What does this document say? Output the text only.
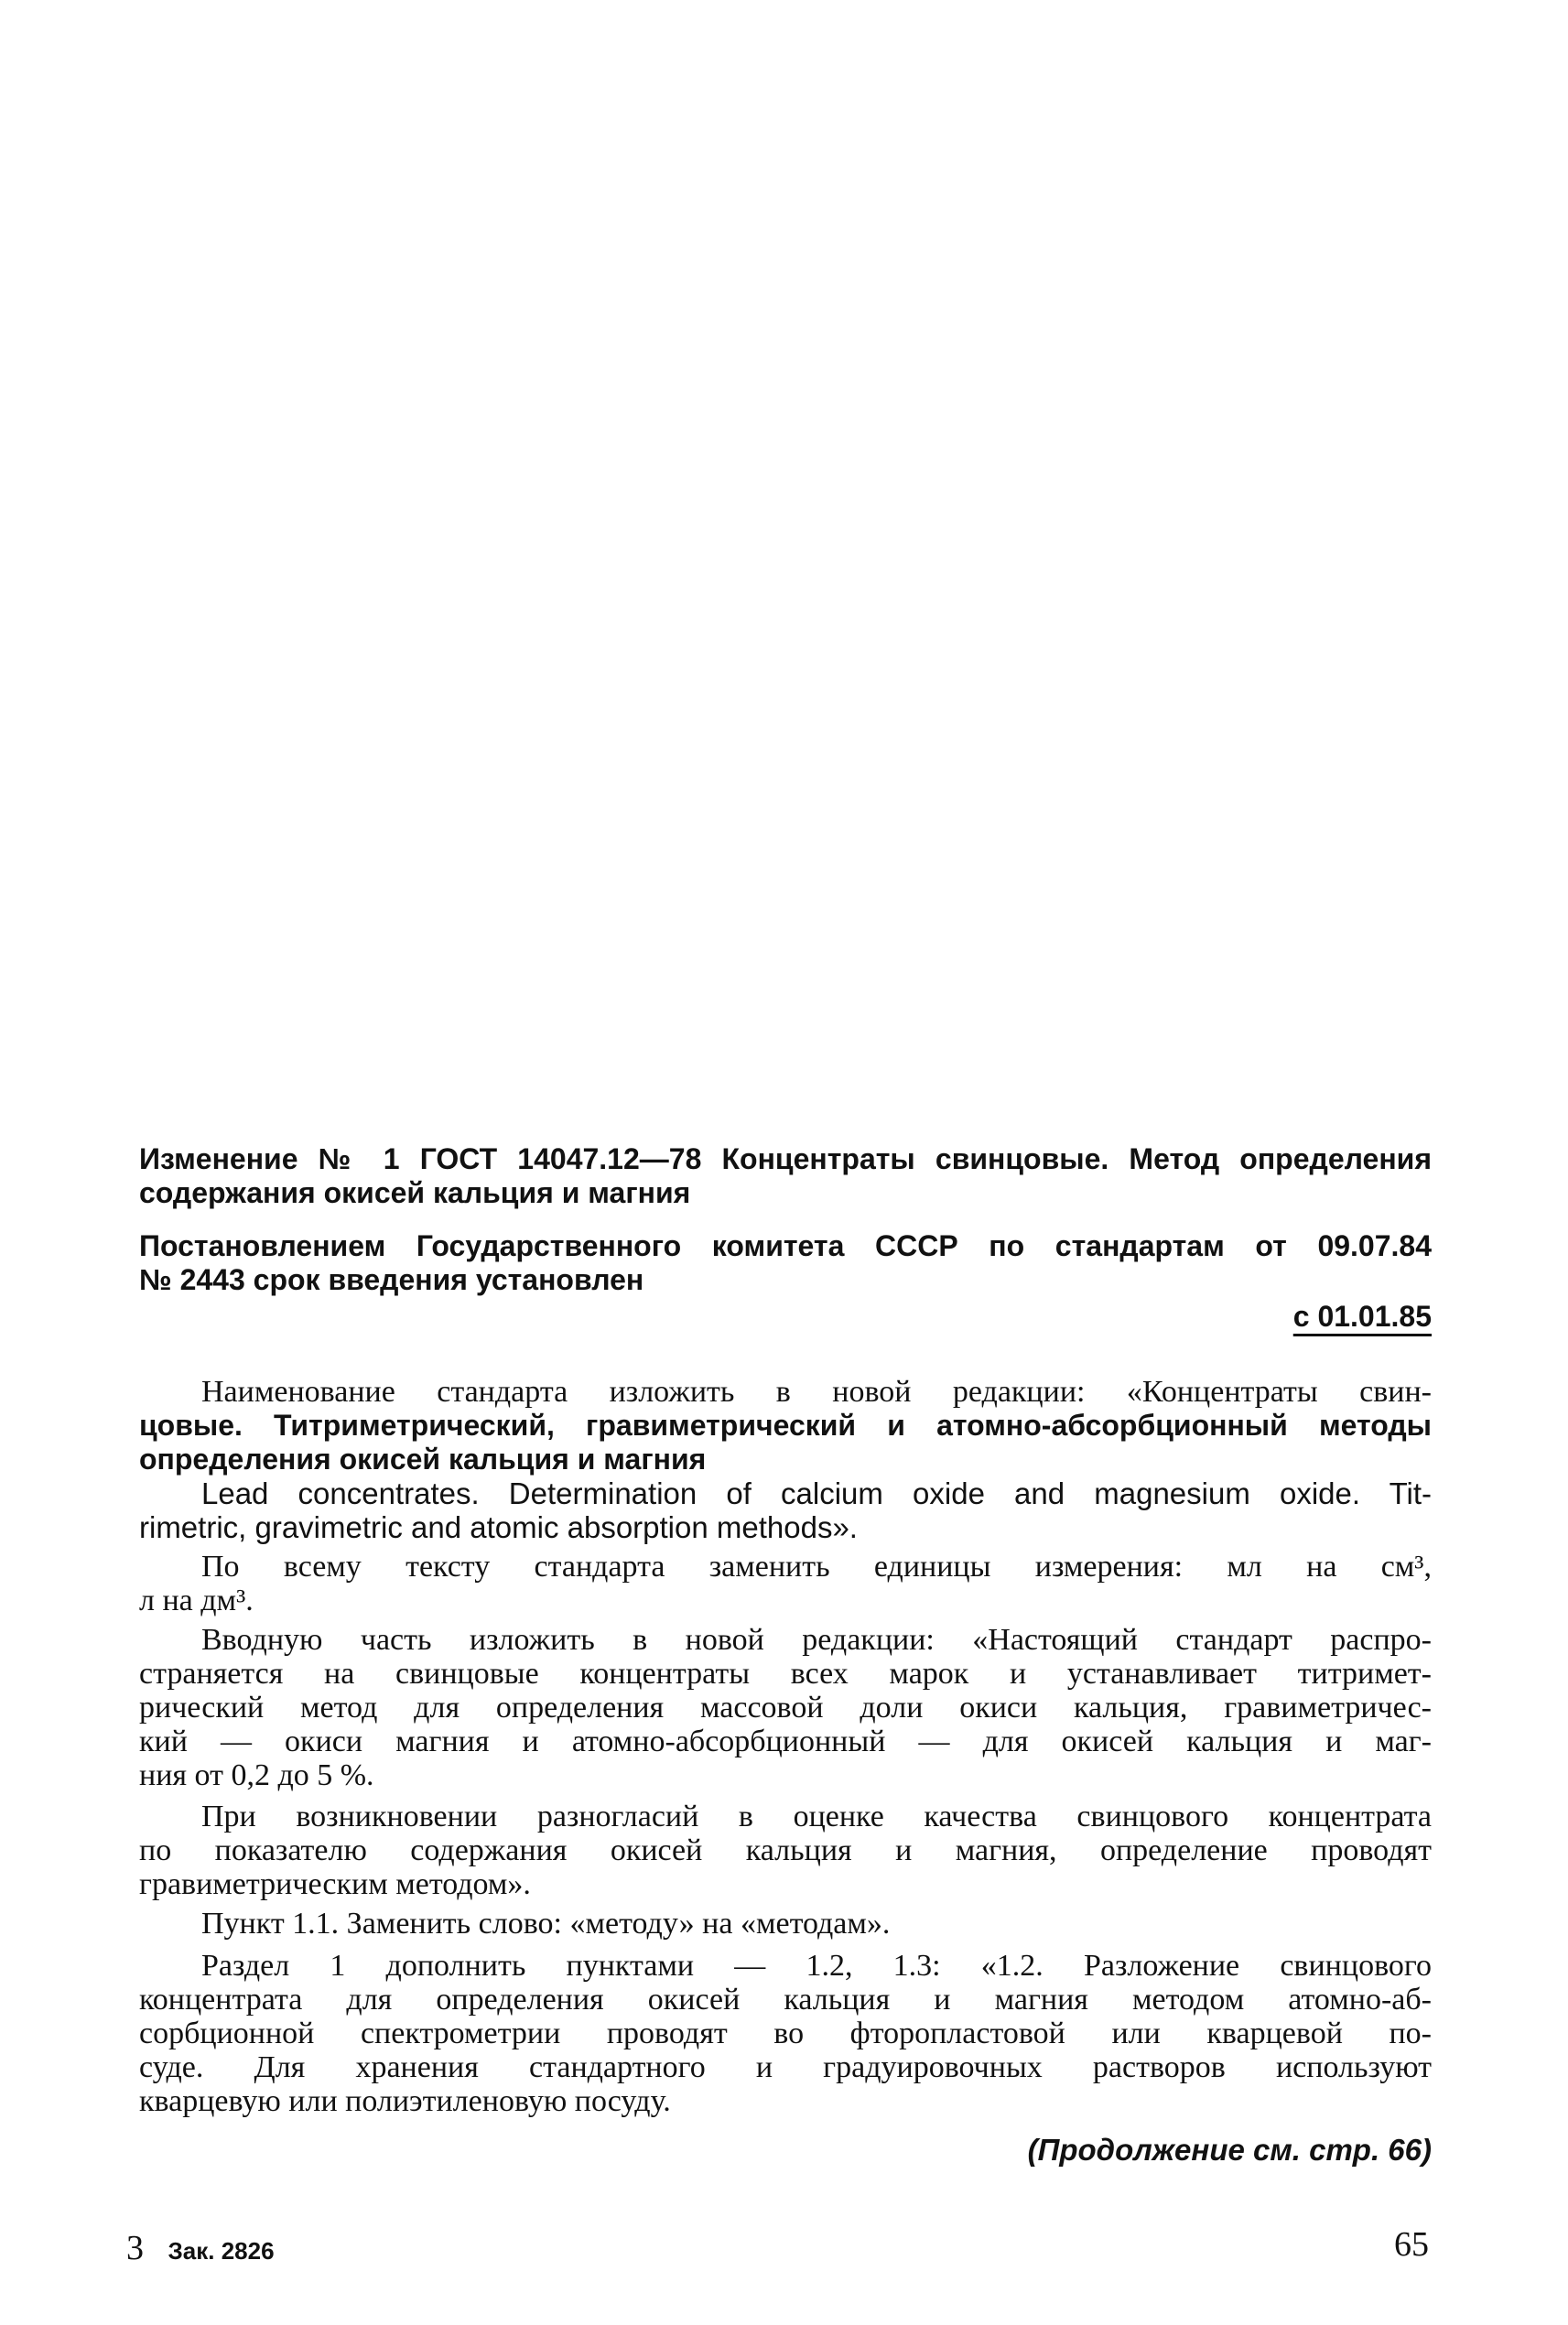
Изменение № 1 ГОСТ 14047.12—78 Концентраты свинцовые. Метод определения
содержания окисей кальция и магния
Постановлением Государственного комитета СССР по стандартам от 09.07.84
№ 2443 срок введения установлен
с 01.01.85
Наименование стандарта изложить в новой редакции: «Концентраты свин-
цовые. Титриметрический, гравиметрический и атомно-абсорбционный методы
определения окисей кальция и магния
Lead concentrates. Determination of calcium oxide and magnesium oxide. Tit-
rimetric, gravimetric and atomic absorption methods».
По всему тексту стандарта заменить единицы измерения: мл на см³,
л на дм³.
Вводную часть изложить в новой редакции: «Настоящий стандарт распро-
страняется на свинцовые концентраты всех марок и устанавливает титримет-
рический метод для определения массовой доли окиси кальция, гравиметричес-
кий — окиси магния и атомно-абсорбционный — для окисей кальция и маг-
ния от 0,2 до 5 %.
При возникновении разногласий в оценке качества свинцового концентрата
по показателю содержания окисей кальция и магния, определение проводят
гравиметрическим методом».
Пункт 1.1. Заменить слово: «методу» на «методам».
Раздел 1 дополнить пунктами — 1.2, 1.3: «1.2. Разложение свинцового
концентрата для определения окисей кальция и магния методом атомно-аб-
сорбционной спектрометрии проводят во фторопластовой или кварцевой по-
суде. Для хранения стандартного и градуировочных растворов используют
кварцевую или полиэтиленовую посуду.
(Продолжение см. стр. 66)
3 Зак. 2826	65
